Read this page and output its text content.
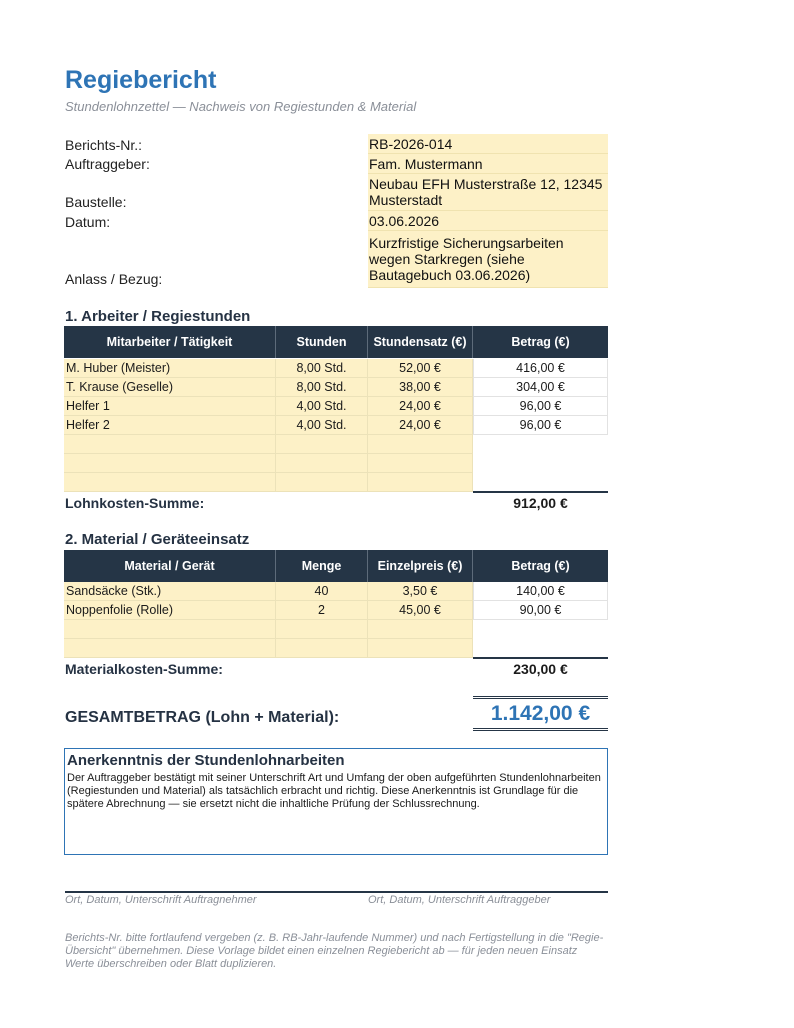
Regiebericht
Stundenlohnzettel — Nachweis von Regiestunden & Material
Berichts-Nr.:	RB-2026-014
Auftraggeber:	Fam. Mustermann
Baustelle:
Neubau EFH Musterstraße 12, 12345 Musterstadt
Datum:	03.06.2026
Anlass / Bezug:
Kurzfristige Sicherungsarbeiten wegen Starkregen (siehe Bautagebuch 03.06.2026)
1. Arbeiter / Regiestunden
Mitarbeiter / Tätigkeit	Stunden	Stundensatz (€)	Betrag (€)
M. Huber (Meister)	8,00 Std.	52,00 €	416,00 €
T. Krause (Geselle)	8,00 Std.	38,00 €	304,00 €
Helfer 1	4,00 Std.	24,00 €	96,00 €
Helfer 2	4,00 Std.	24,00 €	96,00 €
Lohnkosten-Summe:	912,00 €
2. Material / Geräteeinsatz
Material / Gerät	Menge	Einzelpreis (€)	Betrag (€)
Sandsäcke (Stk.)	40	3,50 €	140,00 €
Noppenfolie (Rolle)	2	45,00 €	90,00 €
Materialkosten-Summe:	230,00 €
GESAMTBETRAG (Lohn + Material):	1.142,00 €
Anerkenntnis der Stundenlohnarbeiten
Der Auftraggeber bestätigt mit seiner Unterschrift Art und Umfang der oben aufgeführten Stundenlohnarbeiten (Regiestunden und Material) als tatsächlich erbracht und richtig. Diese Anerkenntnis ist Grundlage für die spätere Abrechnung — sie ersetzt nicht die inhaltliche Prüfung der Schlussrechnung.
Ort, Datum, Unterschrift Auftragnehmer	Ort, Datum, Unterschrift Auftraggeber
Berichts-Nr. bitte fortlaufend vergeben (z. B. RB-Jahr-laufende Nummer) und nach Fertigstellung in die "Regie-Übersicht" übernehmen. Diese Vorlage bildet einen einzelnen Regiebericht ab — für jeden neuen Einsatz Werte überschreiben oder Blatt duplizieren.
